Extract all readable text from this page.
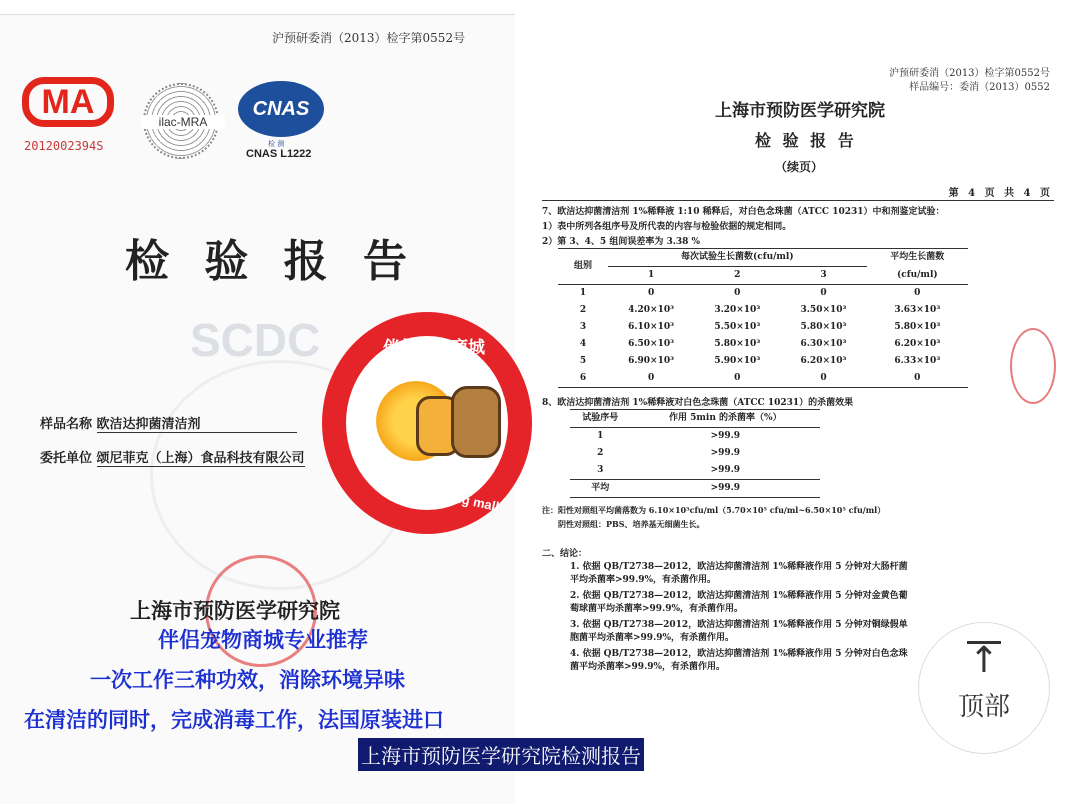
沪预研委消（2013）检字第0552号
MA
2012002394S
ilac-MRA
CNAS
检 测
CNAS L1222
检 验 报 告
SCDC
样品名称 欧洁达抑菌清洁剂
委托单位 颂尼菲克（上海）食品科技有限公司
上海市预防医学研究院
沪预研委消（2013）检字第0552号
样品编号：委消（2013）0552
上海市预防医学研究院
检 验 报 告
（续页）
第 4 页 共 4 页
7、欧洁达抑菌清洁剂 1%稀释液 1:10 稀释后，对白色念珠菌（ATCC 10231）中和剂鉴定试验：
1）表中所列各组序号及所代表的内容与检验依据的规定相同。
2）第 3、4、5 组间误差率为 3.38 %
组别	每次试验生长菌数(cfu/ml)			平均生长菌数
	1	2	3	(cfu/ml)
1	0	0	0	0
2	4.20×10³	3.20×10³	3.50×10³	3.63×10³
3	6.10×10³	5.50×10³	5.80×10³	5.80×10³
4	6.50×10³	5.80×10³	6.30×10³	6.20×10³
5	6.90×10³	5.90×10³	6.20×10³	6.33×10³
6	0	0	0	0
8、欧洁达抑菌清洁剂 1%稀释液对白色念珠菌（ATCC 10231）的杀菌效果
试验序号	作用 5min 的杀菌率（%）
1	>99.9
2	>99.9
3	>99.9
平均	>99.9
注：阳性对照组平均菌落数为 6.10×10⁵cfu/ml（5.70×10⁵ cfu/ml~6.50×10⁵ cfu/ml）
阴性对照组：PBS、培养基无细菌生长。
二、结论：
1. 依据 QB/T2738—2012，欧洁达抑菌清洁剂 1%稀释液作用 5 分钟对大肠杆菌平均杀菌率>99.9%，有杀菌作用。
2. 依据 QB/T2738—2012，欧洁达抑菌清洁剂 1%稀释液作用 5 分钟对金黄色葡萄球菌平均杀菌率>99.9%，有杀菌作用。
3. 依据 QB/T2738—2012，欧洁达抑菌清洁剂 1%稀释液作用 5 分钟对铜绿假单胞菌平均杀菌率>99.9%，有杀菌作用。
4. 依据 QB/T2738—2012，欧洁达抑菌清洁剂 1%稀释液作用 5 分钟对白色念珠菌平均杀菌率>99.9%，有杀菌作用。
伴侣宠物商城
Ai-pet shopping mall
伴侣宠物商城专业推荐
一次工作三种功效，消除环境异味
在清洁的同时，完成消毒工作，法国原装进口
上海市预防医学研究院检测报告
↑
顶部
